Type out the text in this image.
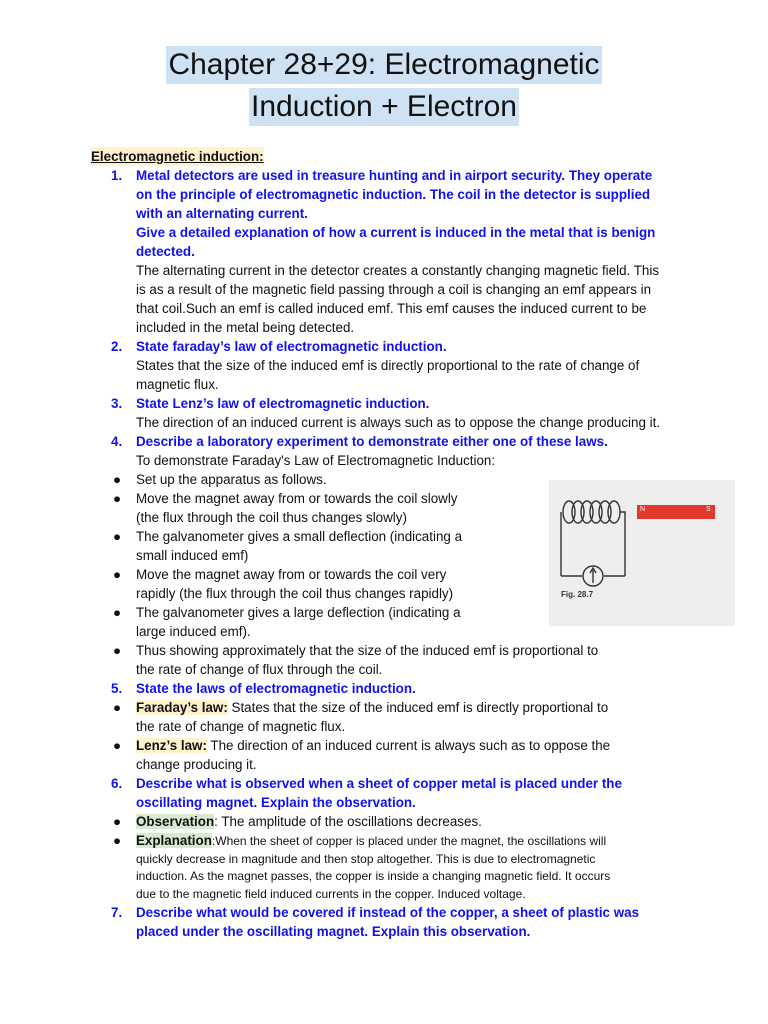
Chapter 28+29: Electromagnetic
Induction + Electron
Electromagnetic induction:
1. Metal detectors are used in treasure hunting and in airport security. They operate
on the principle of electromagnetic induction. The coil in the detector is supplied
with an alternating current.
Give a detailed explanation of how a current is induced in the metal that is benign
detected.
The alternating current in the detector creates a constantly changing magnetic field. This
is as a result of the magnetic field passing through a coil is changing an emf appears in
that coil.Such an emf is called induced emf. This emf causes the induced current to be
included in the metal being detected.
2. State faraday’s law of electromagnetic induction.
States that the size of the induced emf is directly proportional to the rate of change of
magnetic flux.
3. State Lenz’s law of electromagnetic induction.
The direction of an induced current is always such as to oppose the change producing it.
4. Describe a laboratory experiment to demonstrate either one of these laws.
To demonstrate Faraday's Law of Electromagnetic Induction:
● Set up the apparatus as follows.
● Move the magnet away from or towards the coil slowly
(the flux through the coil thus changes slowly)
● The galvanometer gives a small deflection (indicating a
small induced emf)
● Move the magnet away from or towards the coil very
rapidly (the flux through the coil thus changes rapidly)
● The galvanometer gives a large deflection (indicating a
large induced emf).
● Thus showing approximately that the size of the induced emf is proportional to
the rate of change of flux through the coil.
5. State the laws of electromagnetic induction.
● Faraday’s law: States that the size of the induced emf is directly proportional to
the rate of change of magnetic flux.
● Lenz’s law: The direction of an induced current is always such as to oppose the
change producing it.
6. Describe what is observed when a sheet of copper metal is placed under the
oscillating magnet. Explain the observation.
● Observation: The amplitude of the oscillations decreases.
● Explanation:When the sheet of copper is placed under the magnet, the oscillations will
quickly decrease in magnitude and then stop altogether. This is due to electromagnetic
induction. As the magnet passes, the copper is inside a changing magnetic field. It occurs
due to the magnetic field induced currents in the copper. Induced voltage.
7. Describe what would be covered if instead of the copper, a sheet of plastic was
placed under the oscillating magnet. Explain this observation.
N	S
Fig. 28.7
